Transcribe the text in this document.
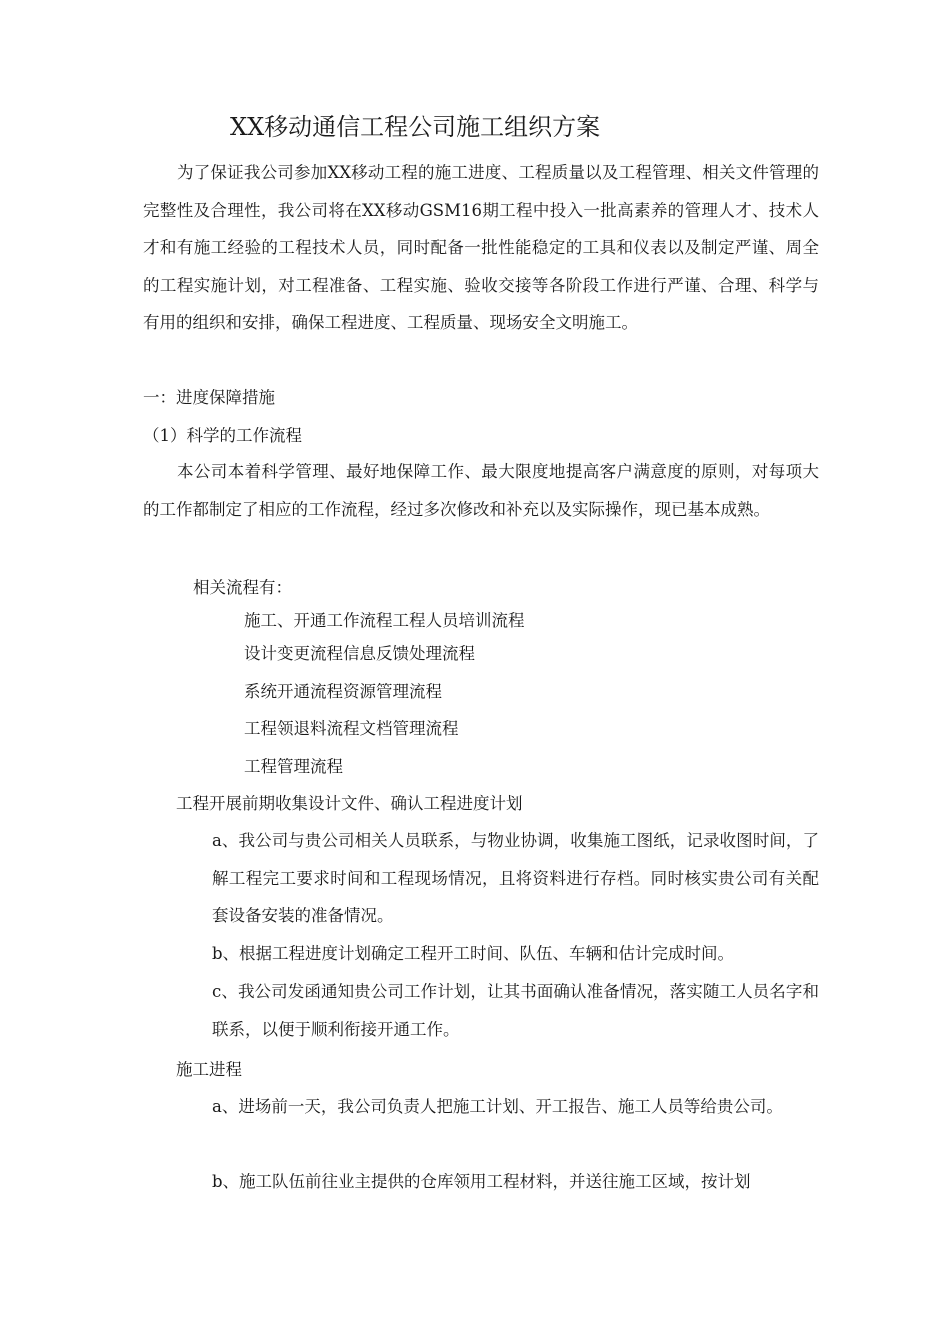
XX移动通信工程公司施工组织方案
为了保证我公司参加XX移动工程的施工进度、工程质量以及工程管理、相关文件管理的完整性及合理性，我公司将在XX移动GSM16期工程中投入一批高素养的管理人才、技术人才和有施工经验的工程技术人员，同时配备一批性能稳定的工具和仪表以及制定严谨、周全的工程实施计划，对工程准备、工程实施、验收交接等各阶段工作进行严谨、合理、科学与有用的组织和安排，确保工程进度、工程质量、现场安全文明施工。
一：进度保障措施
（1）科学的工作流程
本公司本着科学管理、最好地保障工作、最大限度地提高客户满意度的原则，对每项大的工作都制定了相应的工作流程，经过多次修改和补充以及实际操作，现已基本成熟。
相关流程有：
施工、开通工作流程工程人员培训流程
设计变更流程信息反馈处理流程
系统开通流程资源管理流程
工程领退料流程文档管理流程
工程管理流程
工程开展前期收集设计文件、确认工程进度计划
a、我公司与贵公司相关人员联系，与物业协调，收集施工图纸，记录收图时间，了解工程完工要求时间和工程现场情况，且将资料进行存档。同时核实贵公司有关配套设备安装的准备情况。
b、根据工程进度计划确定工程开工时间、队伍、车辆和估计完成时间。
c、我公司发函通知贵公司工作计划，让其书面确认准备情况，落实随工人员名字和联系，以便于顺利衔接开通工作。
施工进程
a、进场前一天，我公司负责人把施工计划、开工报告、施工人员等给贵公司。
b、施工队伍前往业主提供的仓库领用工程材料，并送往施工区域，按计划
